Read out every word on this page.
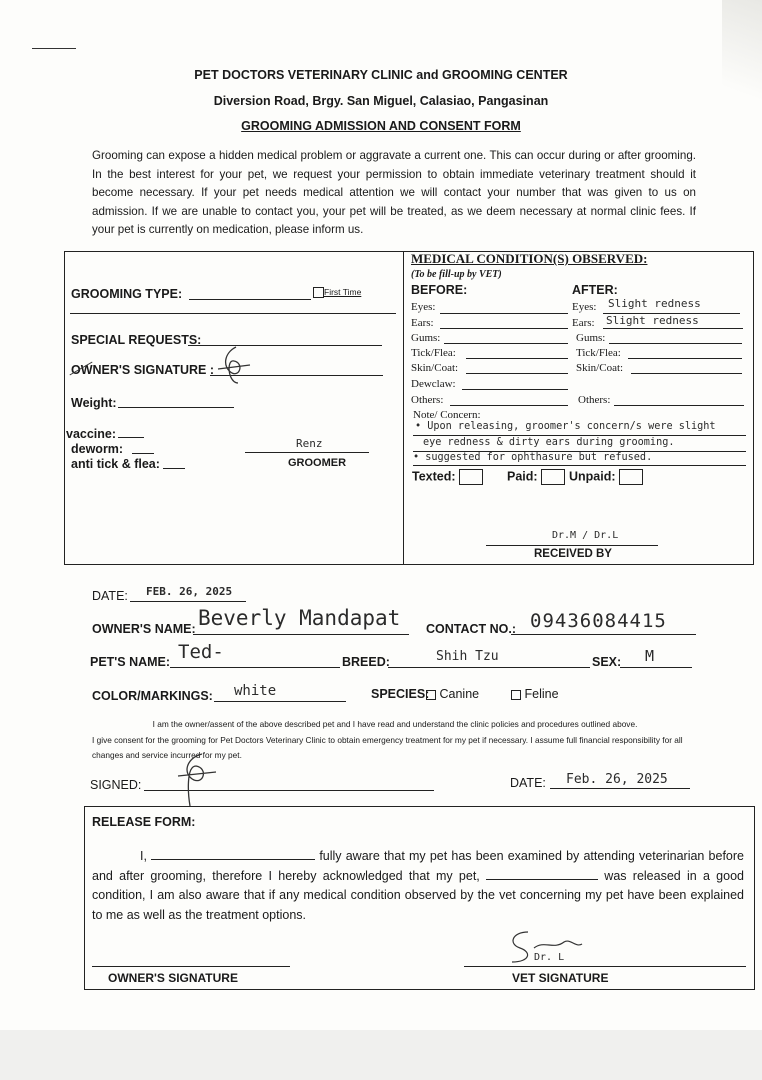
PET DOCTORS VETERINARY CLINIC and GROOMING CENTER
Diversion Road, Brgy. San Miguel, Calasiao, Pangasinan
GROOMING ADMISSION AND CONSENT FORM
Grooming can expose a hidden medical problem or aggravate a current one. This can occur during or after grooming. In the best interest for your pet, we request your permission to obtain immediate veterinary treatment should it become necessary. If your pet needs medical attention we will contact your number that was given to us on admission. If we are unable to contact you, your pet will be treated, as we deem necessary at normal clinic fees. If your pet is currently on medication, please inform us.
GROOMING TYPE:	First Time
SPECIAL REQUESTS:
OWNER'S SIGNATURE :
Weight:
vaccine:
deworm:
anti tick & flea:
Renz
GROOMER
MEDICAL CONDITION(S) OBSERVED:
(To be fill-up by VET)
BEFORE:	AFTER:
Eyes:
Ears:
Gums:
Tick/Flea:
Skin/Coat:
Dewclaw:
Others:
Eyes: Slight redness
Ears: Slight redness
Gums:
Tick/Flea:
Skin/Coat:
Others:
Note/ Concern:
• Upon releasing, groomer's concern/s were slight
eye redness & dirty ears during grooming.
• suggested for ophthasure but refused.
Texted:	Paid:	Unpaid:
Dr.M / Dr.L
RECEIVED BY
DATE: FEB. 26, 2025
OWNER'S NAME: Beverly Mandapat CONTACT NO.: 09436084415
PET'S NAME: Ted-	BREED:	Shih Tzu	SEX: M
COLOR/MARKINGS: white	SPECIES: Canine	Feline
I am the owner/assent of the above described pet and I have read and understand the clinic policies and procedures outlined above.
I give consent for the grooming for Pet Doctors Veterinary Clinic to obtain emergency treatment for my pet if necessary. I assume full financial responsibility for all changes and service incurred for my pet.
SIGNED:	DATE: Feb. 26, 2025
RELEASE FORM:
I,	fully aware that my pet has been examined by attending veterinarian before and after grooming, therefore I hereby acknowledged that my pet,	was released in a good condition, I am also aware that if any medical condition observed by the vet concerning my pet have been explained to me as well as the treatment options.
OWNER'S SIGNATURE
Dr. L
VET SIGNATURE
